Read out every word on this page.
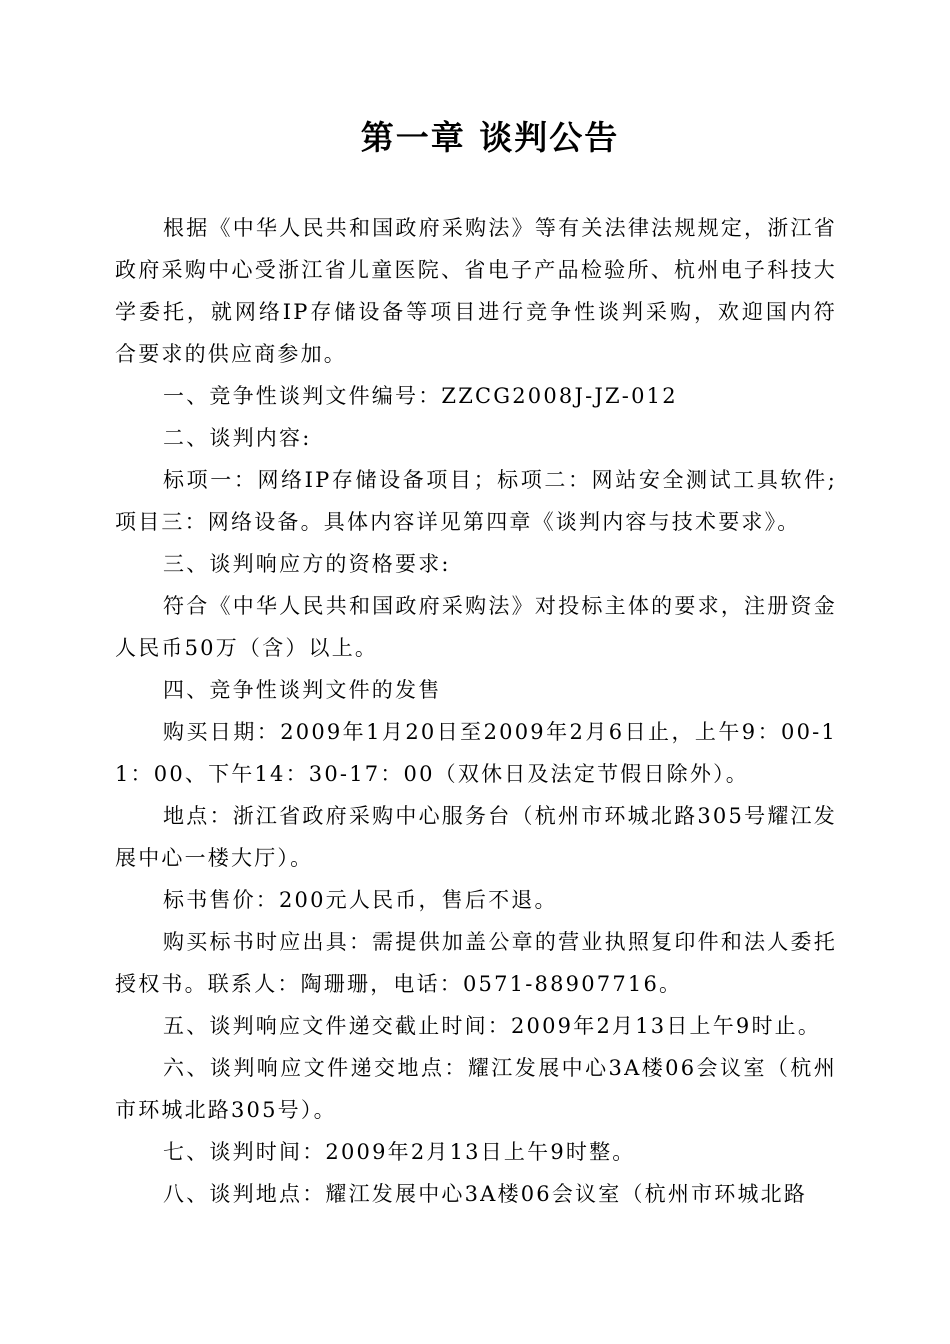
第一章 谈判公告

根据《中华人民共和国政府采购法》等有关法律法规规定，浙江省政府采购中心受浙江省儿童医院、省电子产品检验所、杭州电子科技大学委托，就网络IP存储设备等项目进行竞争性谈判采购，欢迎国内符合要求的供应商参加。

一、竞争性谈判文件编号：ZZCG2008J-JZ-012

二、谈判内容:

标项一：网络IP存储设备项目；标项二：网站安全测试工具软件;项目三：网络设备。具体内容详见第四章《谈判内容与技术要求》。

三、谈判响应方的资格要求:

符合《中华人民共和国政府采购法》对投标主体的要求，注册资金人民币50万（含）以上。

四、竞争性谈判文件的发售

购买日期：2009年1月20日至2009年2月6日止，上午9：00-11：00、下午14：30-17：00（双休日及法定节假日除外）。

地点：浙江省政府采购中心服务台（杭州市环城北路305号耀江发展中心一楼大厅）。

标书售价：200元人民币，售后不退。

购买标书时应出具：需提供加盖公章的营业执照复印件和法人委托授权书。联系人：陶珊珊，电话：0571-88907716。

五、谈判响应文件递交截止时间：2009年2月13日上午9时止。

六、谈判响应文件递交地点：耀江发展中心3A楼06会议室（杭州市环城北路305号）。

七、谈判时间：2009年2月13日上午9时整。

八、谈判地点：耀江发展中心3A楼06会议室（杭州市环城北路
